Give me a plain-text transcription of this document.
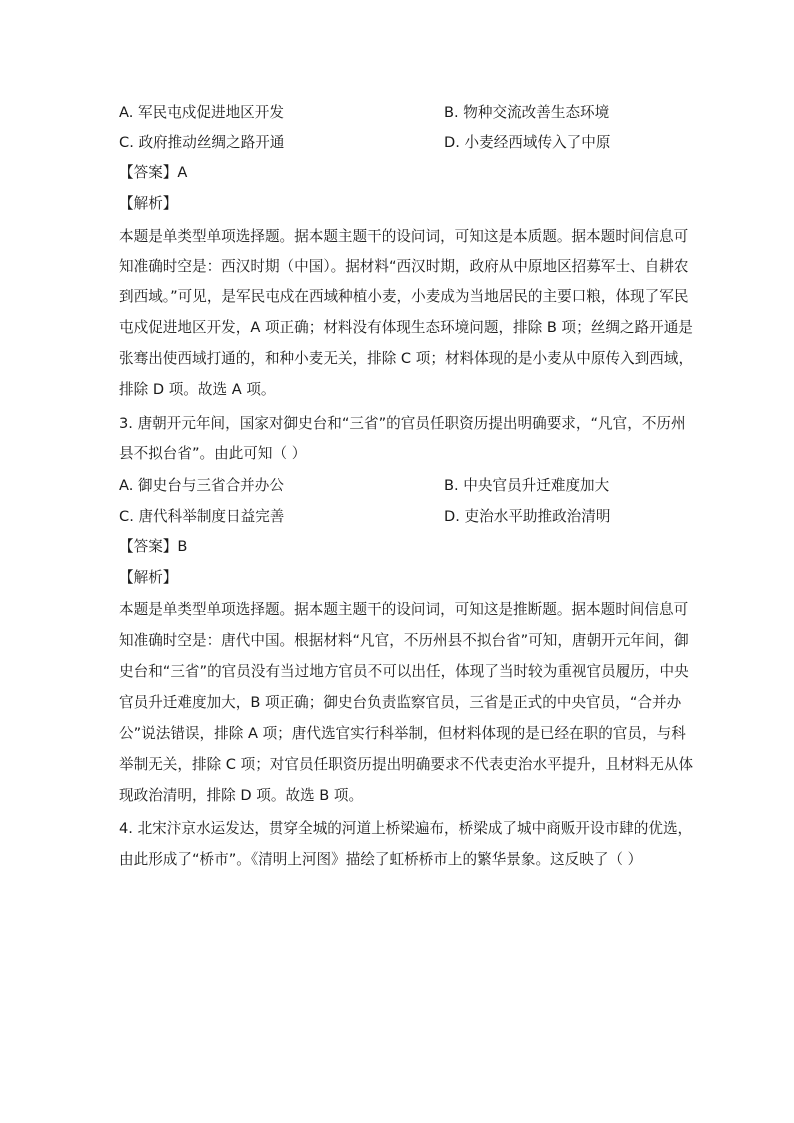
A. 军民屯戍促进地区开发	B. 物种交流改善生态环境
C. 政府推动丝绸之路开通	D. 小麦经西域传入了中原
【答案】A
【解析】
本题是单类型单项选择题。据本题主题干的设问词，可知这是本质题。据本题时间信息可
知准确时空是：西汉时期（中国）。据材料“西汉时期，政府从中原地区招募军士、自耕农
到西域。”可见，是军民屯戍在西域种植小麦，小麦成为当地居民的主要口粮，体现了军民
屯戍促进地区开发，A 项正确；材料没有体现生态环境问题，排除 B 项；丝绸之路开通是
张骞出使西域打通的，和种小麦无关，排除 C 项；材料体现的是小麦从中原传入到西域，
排除 D 项。故选 A 项。
3. 唐朝开元年间，国家对御史台和“三省”的官员任职资历提出明确要求，“凡官，不历州
县不拟台省”。由此可知（ ）
A. 御史台与三省合并办公	B. 中央官员升迁难度加大
C. 唐代科举制度日益完善	D. 吏治水平助推政治清明
【答案】B
【解析】
本题是单类型单项选择题。据本题主题干的设问词，可知这是推断题。据本题时间信息可
知准确时空是：唐代中国。根据材料“凡官，不历州县不拟台省”可知，唐朝开元年间，御
史台和“三省”的官员没有当过地方官员不可以出任，体现了当时较为重视官员履历，中央
官员升迁难度加大，B 项正确；御史台负责监察官员，三省是正式的中央官员，“合并办
公”说法错误，排除 A 项；唐代选官实行科举制，但材料体现的是已经在职的官员，与科
举制无关，排除 C 项；对官员任职资历提出明确要求不代表吏治水平提升，且材料无从体
现政治清明，排除 D 项。故选 B 项。
4. 北宋汴京水运发达，贯穿全城的河道上桥梁遍布，桥梁成了城中商贩开设市肆的优选，
由此形成了“桥市”。《清明上河图》描绘了虹桥桥市上的繁华景象。这反映了（ ）
